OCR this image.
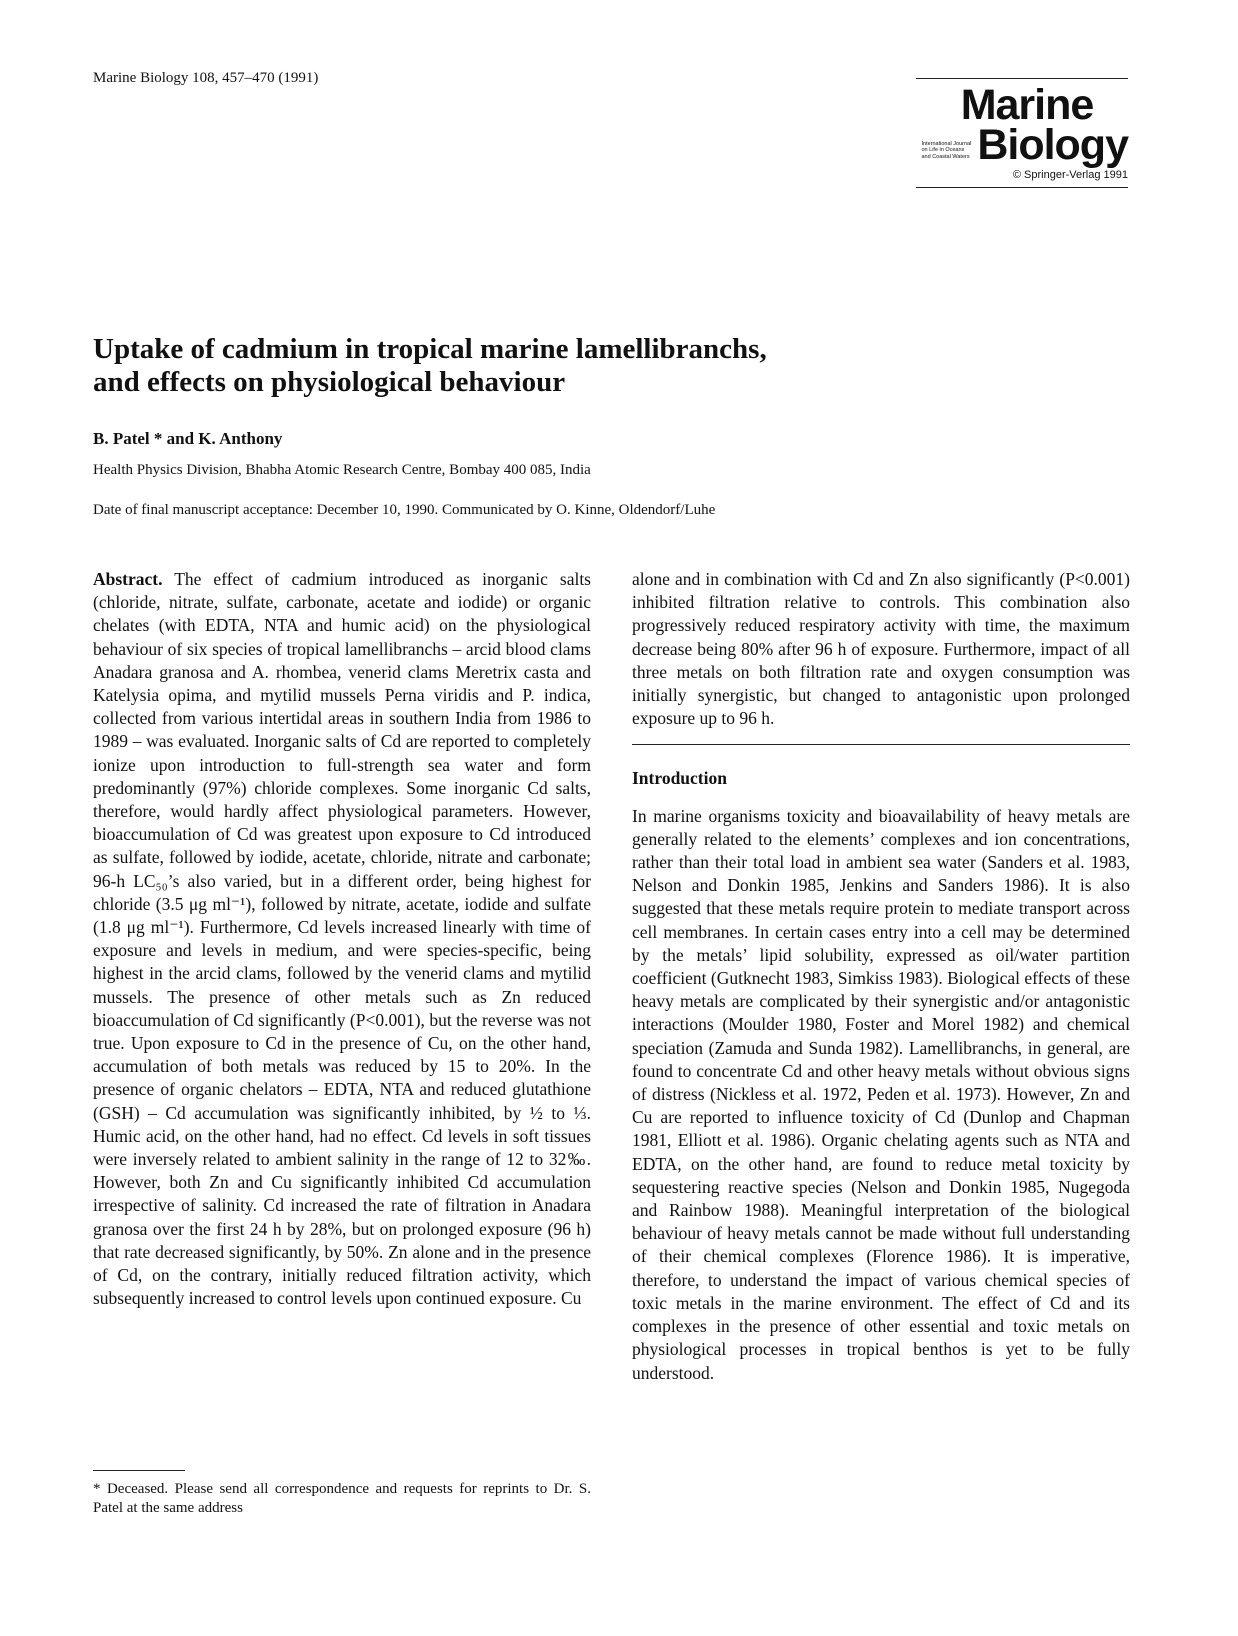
Marine Biology 108, 457–470 (1991)
Marine
International Journal
on Life in Oceans
and Coastal Waters Biology
© Springer-Verlag 1991
Uptake of cadmium in tropical marine lamellibranchs,
and effects on physiological behaviour
B. Patel * and K. Anthony
Health Physics Division, Bhabha Atomic Research Centre, Bombay 400 085, India
Date of final manuscript acceptance: December 10, 1990. Communicated by O. Kinne, Oldendorf/Luhe

Abstract. The effect of cadmium introduced as inorganic salts (chloride, nitrate, sulfate, carbonate, acetate and iodide) or organic chelates (with EDTA, NTA and humic acid) on the physiological behaviour of six species of tropical lamellibranchs – arcid blood clams Anadara granosa and A. rhombea, venerid clams Meretrix casta and Katelysia opima, and mytilid mussels Perna viridis and P. indica, collected from various intertidal areas in southern India from 1986 to 1989 – was evaluated. Inorganic salts of Cd are reported to completely ionize upon introduction to full-strength sea water and form predominantly (97%) chloride complexes. Some inorganic Cd salts, therefore, would hardly affect physiological parameters. However, bioaccumulation of Cd was greatest upon exposure to Cd introduced as sulfate, followed by iodide, acetate, chloride, nitrate and carbonate; 96-h LC₅₀’s also varied, but in a different order, being highest for chloride (3.5 μg ml⁻¹), followed by nitrate, acetate, iodide and sulfate (1.8 μg ml⁻¹). Furthermore, Cd levels increased linearly with time of exposure and levels in medium, and were species-specific, being highest in the arcid clams, followed by the venerid clams and mytilid mussels. The presence of other metals such as Zn reduced bioaccumulation of Cd significantly (P<0.001), but the reverse was not true. Upon exposure to Cd in the presence of Cu, on the other hand, accumulation of both metals was reduced by 15 to 20%. In the presence of organic chelators – EDTA, NTA and reduced glutathione (GSH) – Cd accumulation was significantly inhibited, by ½ to ⅓. Humic acid, on the other hand, had no effect. Cd levels in soft tissues were inversely related to ambient salinity in the range of 12 to 32‰. However, both Zn and Cu significantly inhibited Cd accumulation irrespective of salinity. Cd increased the rate of filtration in Anadara granosa over the first 24 h by 28%, but on prolonged exposure (96 h) that rate decreased significantly, by 50%. Zn alone and in the presence of Cd, on the contrary, initially reduced filtration activity, which subsequently increased to control levels upon continued exposure. Cu

alone and in combination with Cd and Zn also significantly (P<0.001) inhibited filtration relative to controls. This combination also progressively reduced respiratory activity with time, the maximum decrease being 80% after 96 h of exposure. Furthermore, impact of all three metals on both filtration rate and oxygen consumption was initially synergistic, but changed to antagonistic upon prolonged exposure up to 96 h.

Introduction

In marine organisms toxicity and bioavailability of heavy metals are generally related to the elements’ complexes and ion concentrations, rather than their total load in ambient sea water (Sanders et al. 1983, Nelson and Donkin 1985, Jenkins and Sanders 1986). It is also suggested that these metals require protein to mediate transport across cell membranes. In certain cases entry into a cell may be determined by the metals’ lipid solubility, expressed as oil/water partition coefficient (Gutknecht 1983, Simkiss 1983). Biological effects of these heavy metals are complicated by their synergistic and/or antagonistic interactions (Moulder 1980, Foster and Morel 1982) and chemical speciation (Zamuda and Sunda 1982). Lamellibranchs, in general, are found to concentrate Cd and other heavy metals without obvious signs of distress (Nickless et al. 1972, Peden et al. 1973). However, Zn and Cu are reported to influence toxicity of Cd (Dunlop and Chapman 1981, Elliott et al. 1986). Organic chelating agents such as NTA and EDTA, on the other hand, are found to reduce metal toxicity by sequestering reactive species (Nelson and Donkin 1985, Nugegoda and Rainbow 1988). Meaningful interpretation of the biological behaviour of heavy metals cannot be made without full understanding of their chemical complexes (Florence 1986). It is imperative, therefore, to understand the impact of various chemical species of toxic metals in the marine environment. The effect of Cd and its complexes in the presence of other essential and toxic metals on physiological processes in tropical benthos is yet to be fully understood.

* Deceased. Please send all correspondence and requests for reprints to Dr. S. Patel at the same address
